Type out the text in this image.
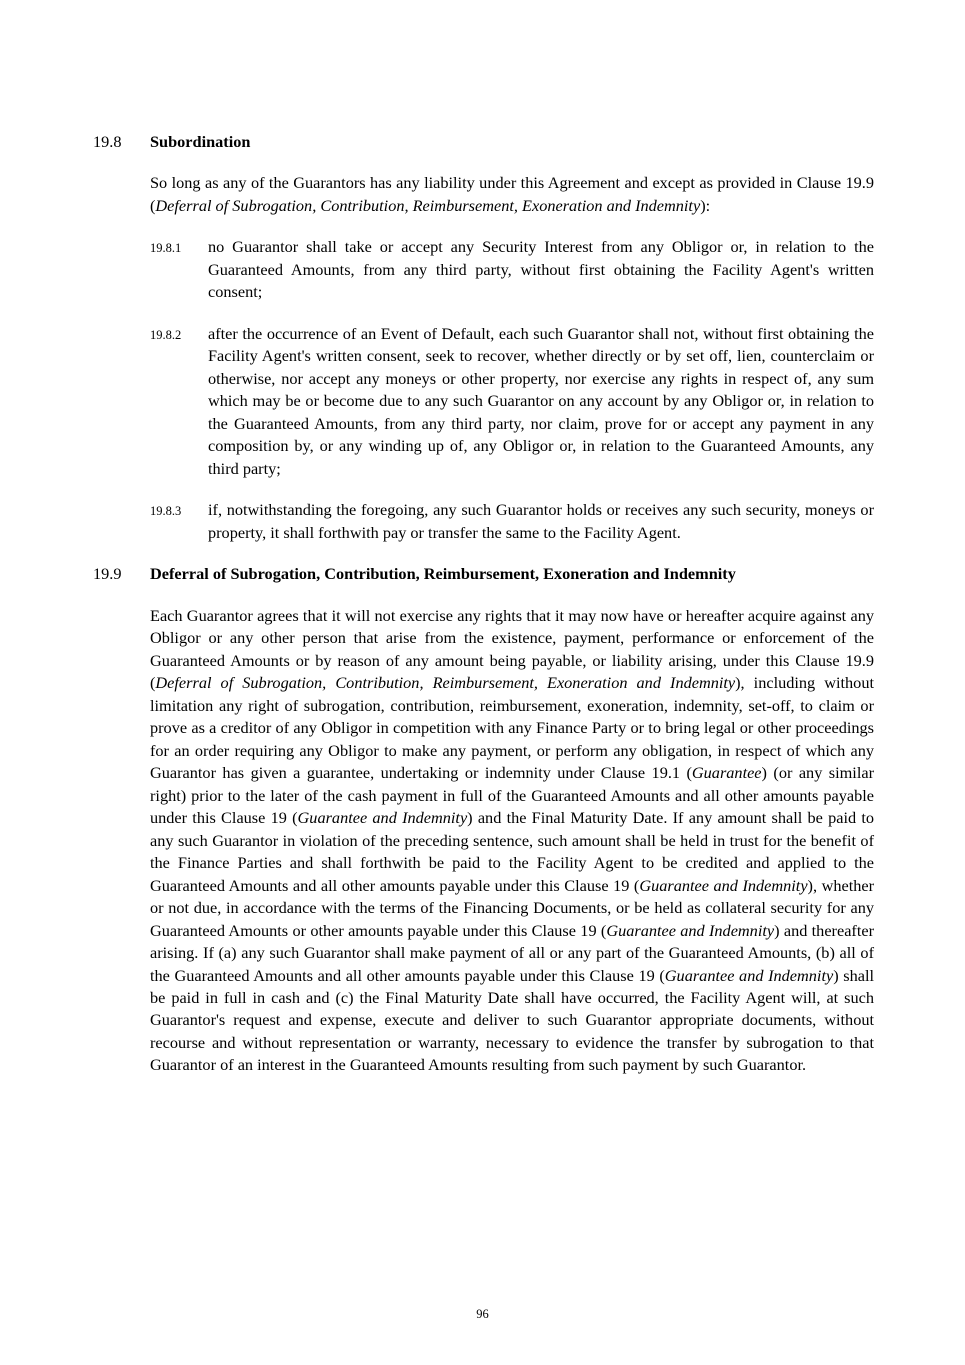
19.8	Subordination

So long as any of the Guarantors has any liability under this Agreement and except as provided in Clause 19.9 (Deferral of Subrogation, Contribution, Reimbursement, Exoneration and Indemnity):

19.8.1	no Guarantor shall take or accept any Security Interest from any Obligor or, in relation to the Guaranteed Amounts, from any third party, without first obtaining the Facility Agent's written consent;

19.8.2	after the occurrence of an Event of Default, each such Guarantor shall not, without first obtaining the Facility Agent's written consent, seek to recover, whether directly or by set off, lien, counterclaim or otherwise, nor accept any moneys or other property, nor exercise any rights in respect of, any sum which may be or become due to any such Guarantor on any account by any Obligor or, in relation to the Guaranteed Amounts, from any third party, nor claim, prove for or accept any payment in any composition by, or any winding up of, any Obligor or, in relation to the Guaranteed Amounts, any third party;

19.8.3	if, notwithstanding the foregoing, any such Guarantor holds or receives any such security, moneys or property, it shall forthwith pay or transfer the same to the Facility Agent.

19.9	Deferral of Subrogation, Contribution, Reimbursement, Exoneration and Indemnity

Each Guarantor agrees that it will not exercise any rights that it may now have or hereafter acquire against any Obligor or any other person that arise from the existence, payment, performance or enforcement of the Guaranteed Amounts or by reason of any amount being payable, or liability arising, under this Clause 19.9 (Deferral of Subrogation, Contribution, Reimbursement, Exoneration and Indemnity), including without limitation any right of subrogation, contribution, reimbursement, exoneration, indemnity, set-off, to claim or prove as a creditor of any Obligor in competition with any Finance Party or to bring legal or other proceedings for an order requiring any Obligor to make any payment, or perform any obligation, in respect of which any Guarantor has given a guarantee, undertaking or indemnity under Clause 19.1 (Guarantee) (or any similar right) prior to the later of the cash payment in full of the Guaranteed Amounts and all other amounts payable under this Clause 19 (Guarantee and Indemnity) and the Final Maturity Date. If any amount shall be paid to any such Guarantor in violation of the preceding sentence, such amount shall be held in trust for the benefit of the Finance Parties and shall forthwith be paid to the Facility Agent to be credited and applied to the Guaranteed Amounts and all other amounts payable under this Clause 19 (Guarantee and Indemnity), whether or not due, in accordance with the terms of the Financing Documents, or be held as collateral security for any Guaranteed Amounts or other amounts payable under this Clause 19 (Guarantee and Indemnity) and thereafter arising. If (a) any such Guarantor shall make payment of all or any part of the Guaranteed Amounts, (b) all of the Guaranteed Amounts and all other amounts payable under this Clause 19 (Guarantee and Indemnity) shall be paid in full in cash and (c) the Final Maturity Date shall have occurred, the Facility Agent will, at such Guarantor's request and expense, execute and deliver to such Guarantor appropriate documents, without recourse and without representation or warranty, necessary to evidence the transfer by subrogation to that Guarantor of an interest in the Guaranteed Amounts resulting from such payment by such Guarantor.

96
